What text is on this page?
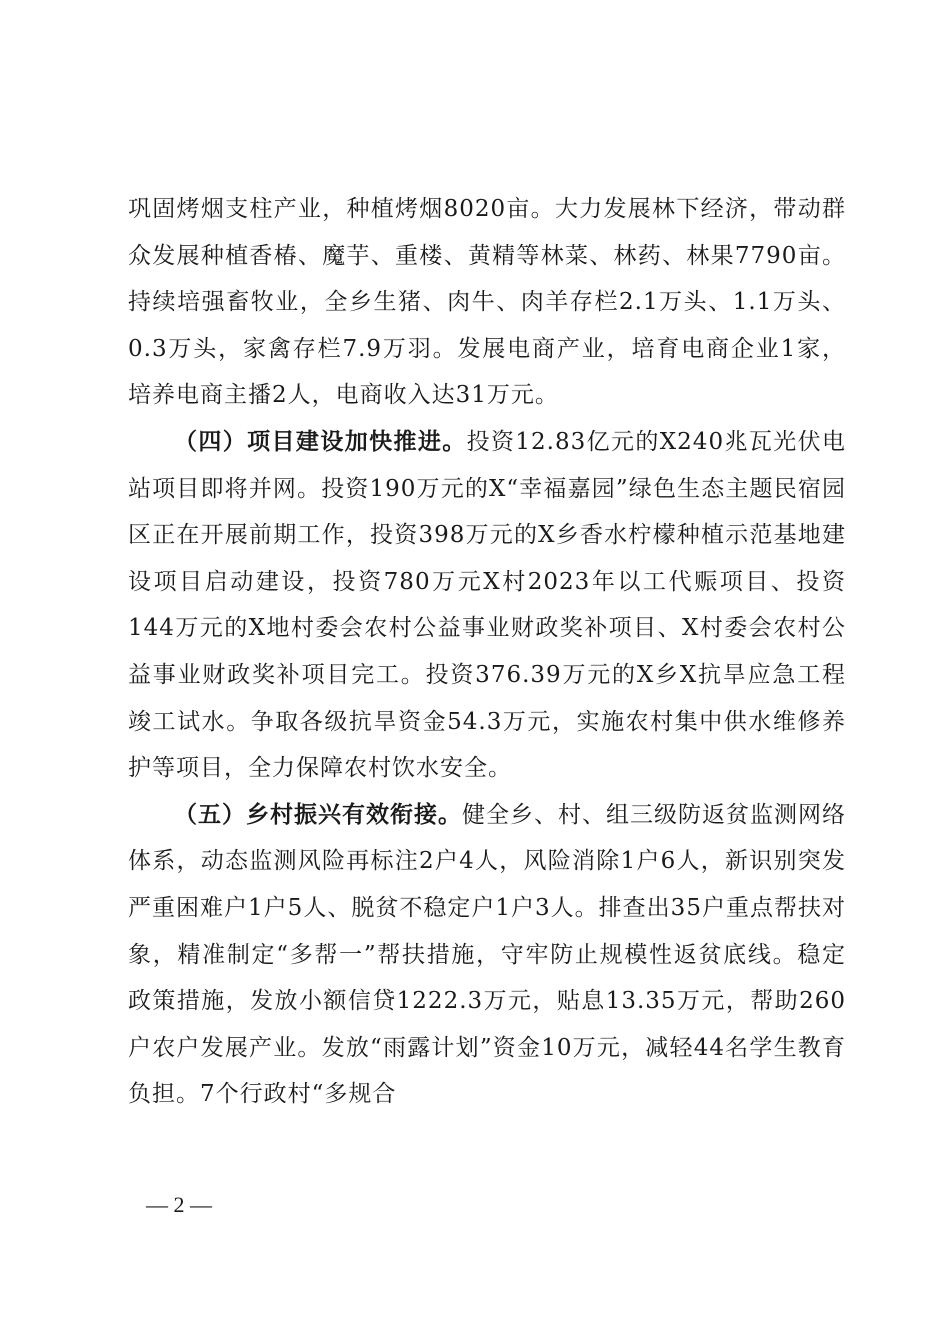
巩固烤烟支柱产业，种植烤烟8020亩。大力发展林下经济，带动群众发展种植香椿、魔芋、重楼、黄精等林菜、林药、林果7790亩。持续培强畜牧业，全乡生猪、肉牛、肉羊存栏2.1万头、1.1万头、0.3万头，家禽存栏7.9万羽。发展电商产业，培育电商企业1家，培养电商主播2人，电商收入达31万元。

（四）项目建设加快推进。投资12.83亿元的X240兆瓦光伏电站项目即将并网。投资190万元的X“幸福嘉园”绿色生态主题民宿园区正在开展前期工作，投资398万元的X乡香水柠檬种植示范基地建设项目启动建设，投资780万元X村2023年以工代赈项目、投资144万元的X地村委会农村公益事业财政奖补项目、X村委会农村公益事业财政奖补项目完工。投资376.39万元的X乡X抗旱应急工程竣工试水。争取各级抗旱资金54.3万元，实施农村集中供水维修养护等项目，全力保障农村饮水安全。

（五）乡村振兴有效衔接。健全乡、村、组三级防返贫监测网络体系，动态监测风险再标注2户4人，风险消除1户6人，新识别突发严重困难户1户5人、脱贫不稳定户1户3人。排查出35户重点帮扶对象，精准制定“多帮一”帮扶措施，守牢防止规模性返贫底线。稳定政策措施，发放小额信贷1222.3万元，贴息13.35万元，帮助260户农户发展产业。发放“雨露计划”资金10万元，减轻44名学生教育负担。7个行政村“多规合

— 2 —
